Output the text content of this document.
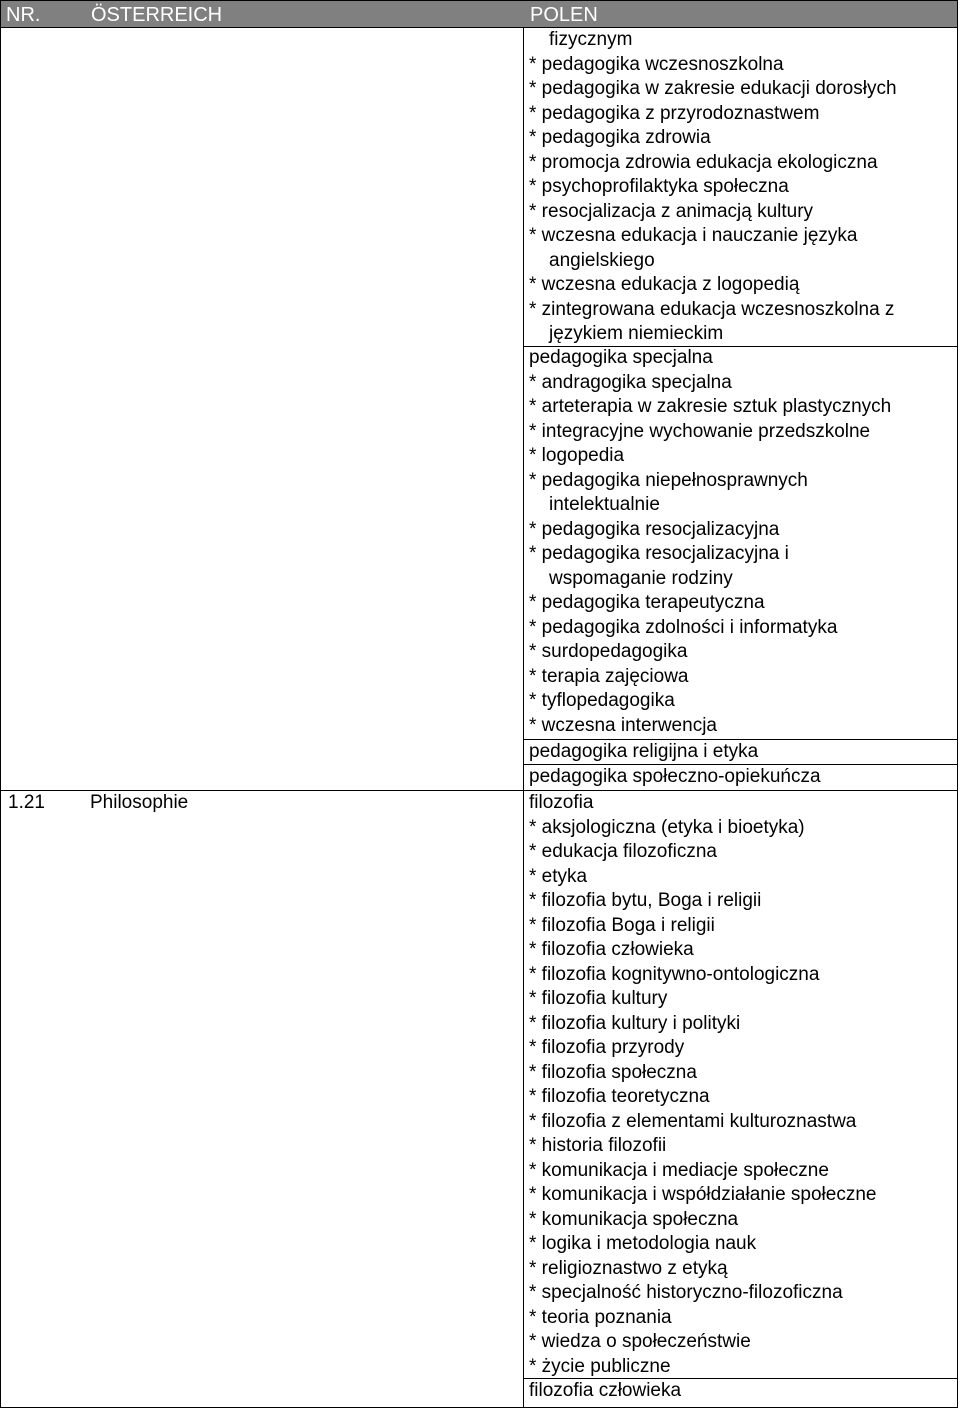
NR.	ÖSTERREICH	POLEN
1.21 Philosophie
fizycznym
* pedagogika wczesnoszkolna
* pedagogika w zakresie edukacji dorosłych
* pedagogika z przyrodoznastwem
* pedagogika zdrowia
* promocja zdrowia edukacja ekologiczna
* psychoprofilaktyka społeczna
* resocjalizacja z animacją kultury
* wczesna edukacja i nauczanie języka
angielskiego
* wczesna edukacja z logopedią
* zintegrowana edukacja wczesnoszkolna z
językiem niemieckim
pedagogika specjalna
* andragogika specjalna
* arteterapia w zakresie sztuk plastycznych
* integracyjne wychowanie przedszkolne
* logopedia
* pedagogika niepełnosprawnych
intelektualnie
* pedagogika resocjalizacyjna
* pedagogika resocjalizacyjna i
wspomaganie rodziny
* pedagogika terapeutyczna
* pedagogika zdolności i informatyka
* surdopedagogika
* terapia zajęciowa
* tyflopedagogika
* wczesna interwencja
pedagogika religijna i etyka
pedagogika społeczno-opiekuńcza
filozofia
* aksjologiczna (etyka i bioetyka)
* edukacja filozoficzna
* etyka
* filozofia bytu, Boga i religii
* filozofia Boga i religii
* filozofia człowieka
* filozofia kognitywno-ontologiczna
* filozofia kultury
* filozofia kultury i polityki
* filozofia przyrody
* filozofia społeczna
* filozofia teoretyczna
* filozofia z elementami kulturoznastwa
* historia filozofii
* komunikacja i mediacje społeczne
* komunikacja i współdziałanie społeczne
* komunikacja społeczna
* logika i metodologia nauk
* religioznastwo z etyką
* specjalność historyczno-filozoficzna
* teoria poznania
* wiedza o społeczeństwie
* życie publiczne
filozofia człowieka
